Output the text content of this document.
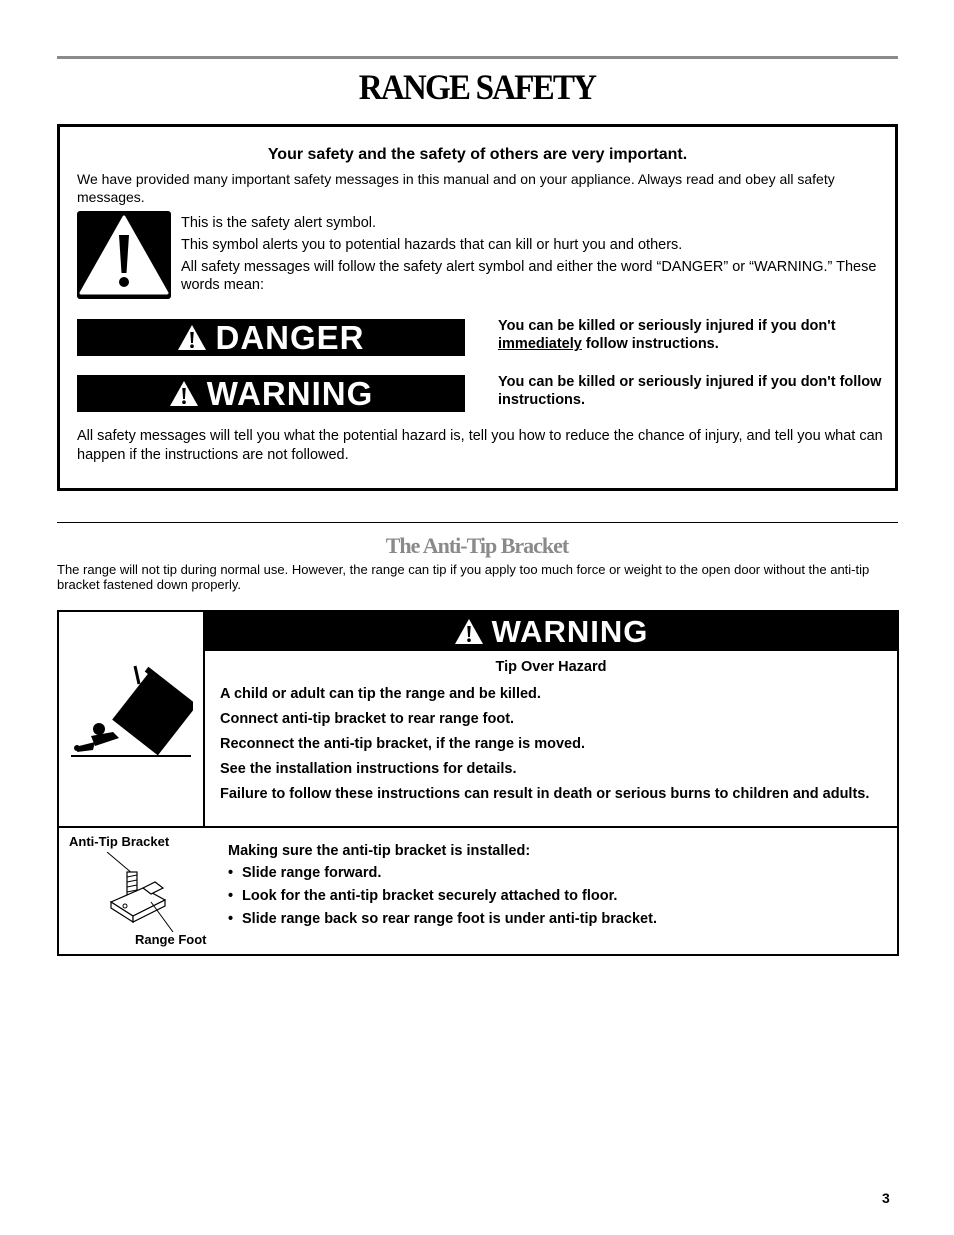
RANGE SAFETY
Your safety and the safety of others are very important.
We have provided many important safety messages in this manual and on your appliance. Always read and obey all safety messages.
This is the safety alert symbol.
This symbol alerts you to potential hazards that can kill or hurt you and others.
All safety messages will follow the safety alert symbol and either the word “DANGER” or “WARNING.” These words mean:
DANGER	You can be killed or seriously injured if you don't immediately follow instructions.
WARNING	You can be killed or seriously injured if you don't follow instructions.
All safety messages will tell you what the potential hazard is, tell you how to reduce the chance of injury, and tell you what can happen if the instructions are not followed.
The Anti-Tip Bracket
The range will not tip during normal use. However, the range can tip if you apply too much force or weight to the open door without the anti-tip bracket fastened down properly.
WARNING
Tip Over Hazard
A child or adult can tip the range and be killed.
Connect anti-tip bracket to rear range foot.
Reconnect the anti-tip bracket, if the range is moved.
See the installation instructions for details.
Failure to follow these instructions can result in death or serious burns to children and adults.
Anti-Tip Bracket
Range Foot
Making sure the anti-tip bracket is installed:
• Slide range forward.
• Look for the anti-tip bracket securely attached to floor.
• Slide range back so rear range foot is under anti-tip bracket.
3
